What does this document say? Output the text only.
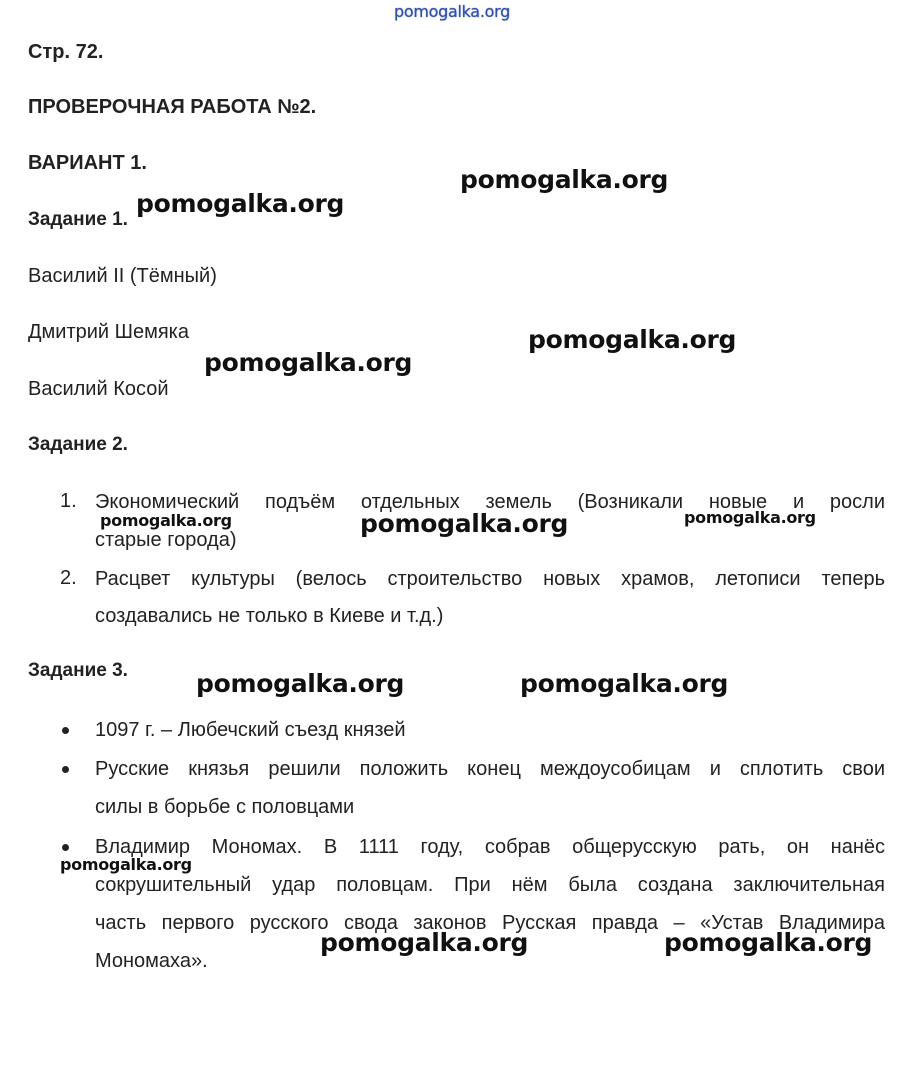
pomogalka.org
Стр. 72.
ПРОВЕРОЧНАЯ РАБОТА №2.
ВАРИАНТ 1.
Задание 1.
Василий II (Тёмный)
Дмитрий Шемяка
Василий Косой
Задание 2.
1. Экономический подъём отдельных земель (Возникали новые и росли
старые города)
2. Расцвет культуры (велось строительство новых храмов, летописи теперь
создавались не только в Киеве и т.д.)
Задание 3.
1097 г. – Любечский съезд князей
Русские князья решили положить конец междоусобицам и сплотить свои
силы в борьбе с половцами
Владимир Мономах. В 1111 году, собрав общерусскую рать, он нанёс
сокрушительный удар половцам. При нём была создана заключительная
часть первого русского свода законов Русская правда – «Устав Владимира
Мономаха».
pomogalka.org
pomogalka.org
pomogalka.org
pomogalka.org
pomogalka.org	pomogalka.org	pomogalka.org
pomogalka.org	pomogalka.org
pomogalka.org
pomogalka.org	pomogalka.org
